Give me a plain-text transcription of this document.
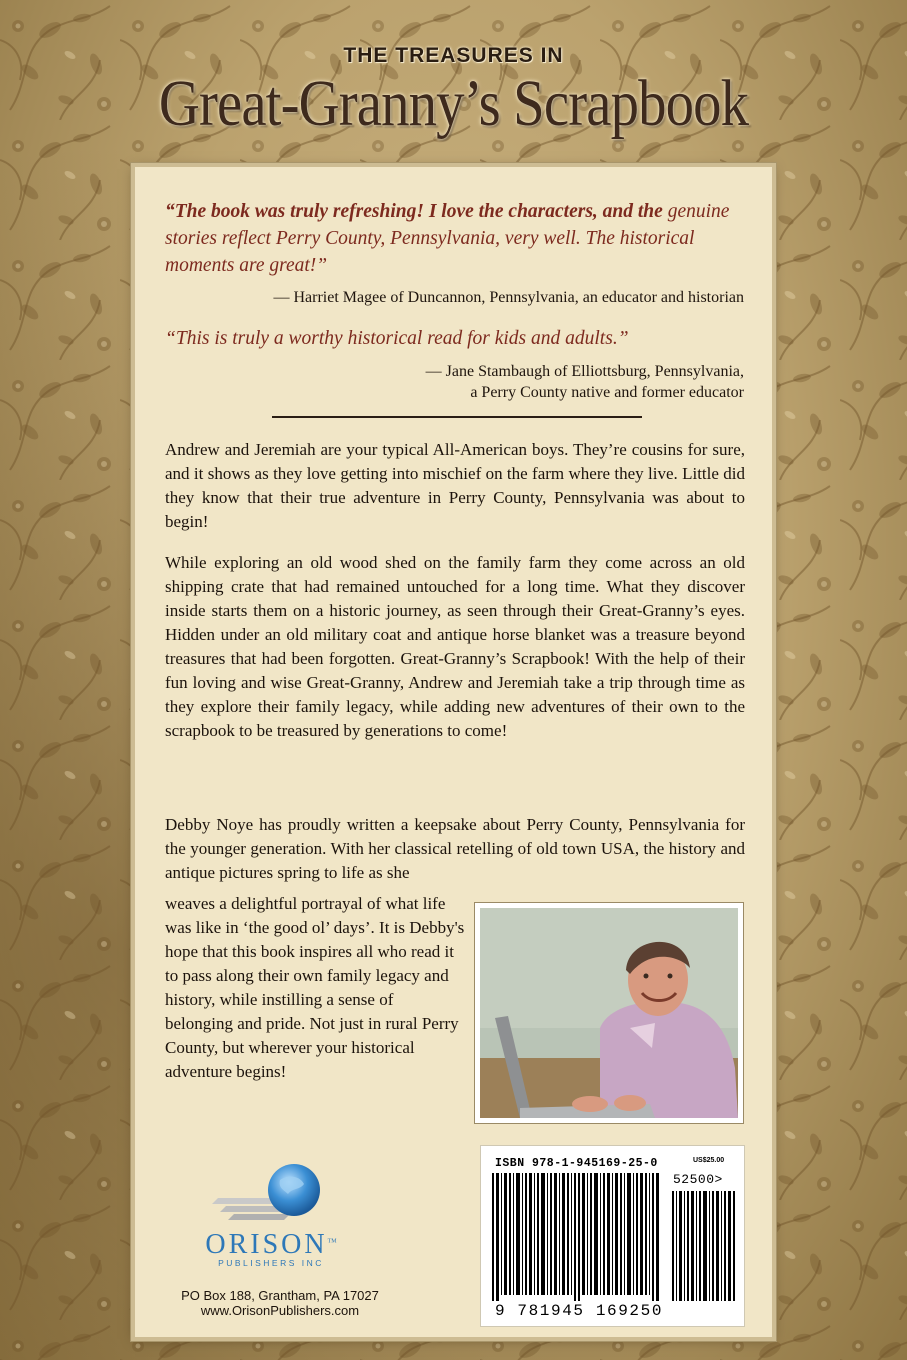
THE TREASURES IN
Great-Granny’s Scrapbook
“The book was truly refreshing! I love the characters, and the genuine stories reflect Perry County, Pennsylvania, very well. The historical moments are great!”
— Harriet Magee of Duncannon, Pennsylvania, an educator and historian
“This is truly a worthy historical read for kids and adults.”
— Jane Stambaugh of Elliottsburg, Pennsylvania,
a Perry County native and former educator
Andrew and Jeremiah are your typical All-American boys. They’re cousins for sure, and it shows as they love getting into mischief on the farm where they live. Little did they know that their true adventure in Perry County, Pennsylvania was about to begin!
While exploring an old wood shed on the family farm they come across an old shipping crate that had remained untouched for a long time. What they discover inside starts them on a historic journey, as seen through their Great-Granny’s eyes. Hidden under an old military coat and antique horse blanket was a treasure beyond treasures that had been forgotten. Great-Granny’s Scrapbook! With the help of their fun loving and wise Great-Granny, Andrew and Jeremiah take a trip through time as they explore their family legacy, while adding new adventures of their own to the scrapbook to be treasured by generations to come!
Debby Noye has proudly written a keepsake about Perry County, Pennsylvania for the younger generation. With her classical retelling of old town USA, the history and antique pictures spring to life as she
weaves a delightful portrayal of what life was like in ‘the good ol’ days’. It is Debby's hope that this book inspires all who read it to pass along their own family legacy and history, while instilling a sense of belonging and pride. Not just in rural Perry County, but wherever your historical adventure begins!
ORISON™
PUBLISHERS INC
PO Box 188, Grantham, PA 17027
www.OrisonPublishers.com
ISBN 978-1-945169-25-0	US$25.00
52500>
9 781945 169250
